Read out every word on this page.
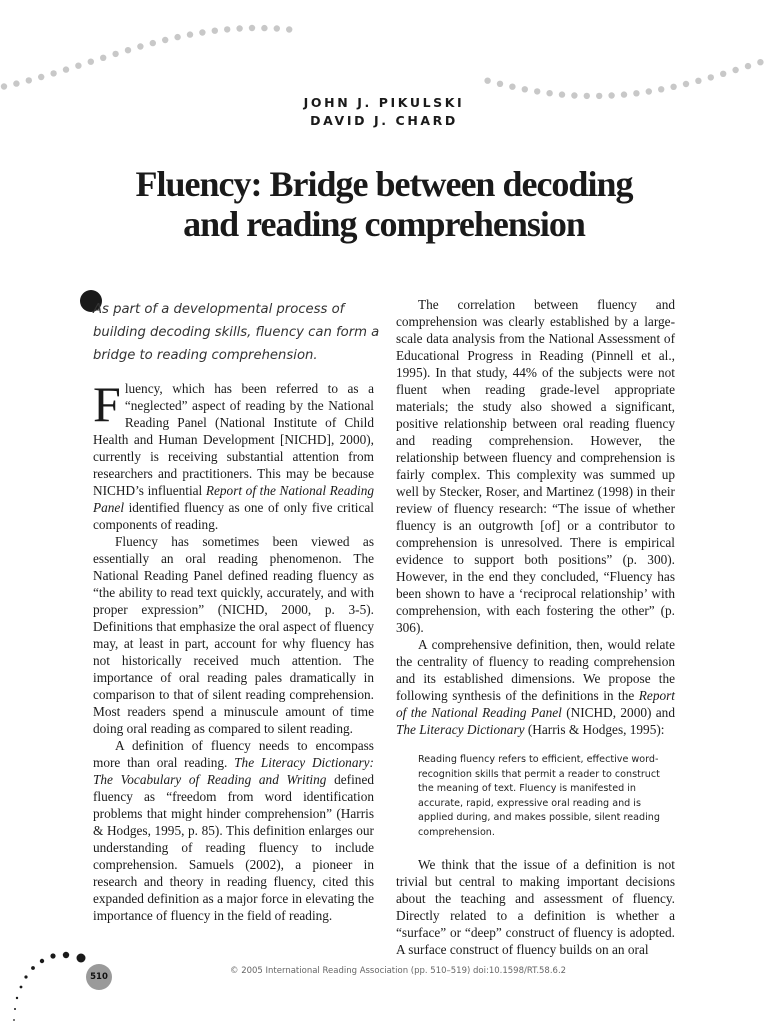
JOHN J. PIKULSKI
DAVID J. CHARD
Fluency: Bridge between decoding
and reading comprehension
As part of a developmental process of building decoding skills, fluency can form a bridge to reading comprehension.

Fluency, which has been referred to as a “neglected” aspect of reading by the National Reading Panel (National Institute of Child Health and Human Development [NICHD], 2000), currently is receiving substantial attention from researchers and practitioners. This may be because NICHD’s influential Report of the National Reading Panel identified fluency as one of only five critical components of reading.

Fluency has sometimes been viewed as essentially an oral reading phenomenon. The National Reading Panel defined reading fluency as “the ability to read text quickly, accurately, and with proper expression” (NICHD, 2000, p. 3-5). Definitions that emphasize the oral aspect of fluency may, at least in part, account for why fluency has not historically received much attention. The importance of oral reading pales dramatically in comparison to that of silent reading comprehension. Most readers spend a minuscule amount of time doing oral reading as compared to silent reading.

A definition of fluency needs to encompass more than oral reading. The Literacy Dictionary: The Vocabulary of Reading and Writing defined fluency as “freedom from word identification problems that might hinder comprehension” (Harris & Hodges, 1995, p. 85). This definition enlarges our understanding of reading fluency to include comprehension. Samuels (2002), a pioneer in research and theory in reading fluency, cited this expanded definition as a major force in elevating the importance of fluency in the field of reading.

The correlation between fluency and comprehension was clearly established by a large-scale data analysis from the National Assessment of Educational Progress in Reading (Pinnell et al., 1995). In that study, 44% of the subjects were not fluent when reading grade-level appropriate materials; the study also showed a significant, positive relationship between oral reading fluency and reading comprehension. However, the relationship between fluency and comprehension is fairly complex. This complexity was summed up well by Stecker, Roser, and Martinez (1998) in their review of fluency research: “The issue of whether fluency is an outgrowth [of] or a contributor to comprehension is unresolved. There is empirical evidence to support both positions” (p. 300). However, in the end they concluded, “Fluency has been shown to have a ‘reciprocal relationship’ with comprehension, with each fostering the other” (p. 306).

A comprehensive definition, then, would relate the centrality of fluency to reading comprehension and its established dimensions. We propose the following synthesis of the definitions in the Report of the National Reading Panel (NICHD, 2000) and The Literacy Dictionary (Harris & Hodges, 1995):

Reading fluency refers to efficient, effective word-recognition skills that permit a reader to construct the meaning of text. Fluency is manifested in accurate, rapid, expressive oral reading and is applied during, and makes possible, silent reading comprehension.

We think that the issue of a definition is not trivial but central to making important decisions about the teaching and assessment of fluency. Directly related to a definition is whether a “surface” or “deep” construct of fluency is adopted. A surface construct of fluency builds on an oral

510
© 2005 International Reading Association (pp. 510–519) doi:10.1598/RT.58.6.2
